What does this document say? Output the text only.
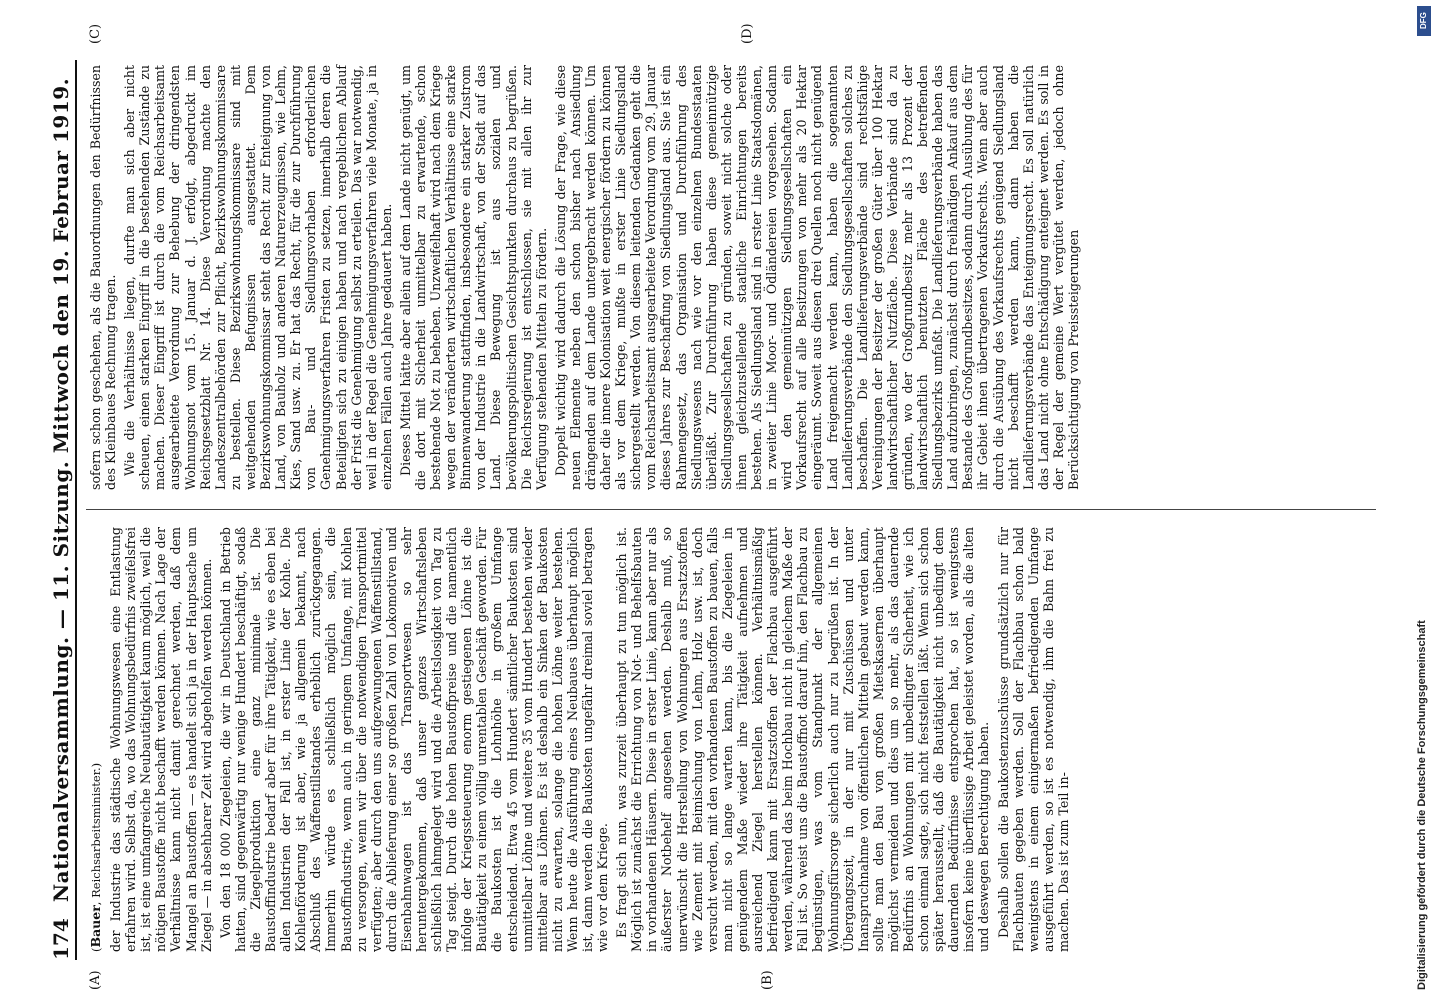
174
Nationalversammlung. — 11. Sitzung. Mittwoch den 19. Februar 1919.
(A)	(B)
(C)	(D)
(Bauer, Reichsarbeitsminister.) der Industrie das städtische Wohnungswesen eine Entlastung erfahren wird. Selbst da, wo das Wohnungsbedürfnis zweifelsfrei ist, ist eine umfangreiche Neubautätigkeit kaum möglich, weil die nötigen Baustoffe nicht beschafft werden können. Nach Lage der Verhältnisse kann nicht damit gerechnet werden, daß dem Mangel an Baustoffen — es handelt sich ja in der Hauptsache um Ziegel — in absehbarer Zeit wird abgeholfen werden können. Von den 18 000 Ziegeleien, die wir in Deutschland in Betrieb hatten, sind gegenwärtig nur wenige Hundert beschäftigt, sodaß die Ziegelproduktion eine ganz minimale ist. Die Baustoffindustrie bedarf aber für ihre Tätigkeit, wie es eben bei allen Industrien der Fall ist, in erster Linie der Kohle. Die Kohlenförderung ist aber, wie ja allgemein bekannt, nach Abschluß des Waffenstillstandes erheblich zurückgegangen. Immerhin würde es schließlich möglich sein, die Baustoffindustrie, wenn auch in geringem Umfange, mit Kohlen zu versorgen, wenn wir über die notwendigen Transportmittel verfügten; aber durch den uns aufgezwungenen Waffenstillstand, durch die Ablieferung einer so großen Zahl von Lokomotiven und Eisenbahnwagen ist das Transportwesen so sehr heruntergekommen, daß unser ganzes Wirtschaftsleben schließlich lahmgelegt wird und die Arbeitslosigkeit von Tag zu Tag steigt. Durch die hohen Baustoffpreise und die namentlich infolge der Kriegssteuerung enorm gestiegenen Löhne ist die Bautätigkeit zu einem völlig unrentablen Geschäft geworden. Für die Baukosten ist die Lohnhöhe in großem Umfange entscheidend. Etwa 45 vom Hundert sämtlicher Baukosten sind unmittelbar Löhne und weitere 35 vom Hundert bestehen wieder mittelbar aus Löhnen. Es ist deshalb ein Sinken der Baukosten nicht zu erwarten, solange die hohen Löhne weiter bestehen. Wenn heute die Ausführung eines Neubaues überhaupt möglich ist, dann werden die Baukosten ungefähr dreimal soviel betragen wie vor dem Kriege. Es fragt sich nun, was zurzeit überhaupt zu tun möglich ist. Möglich ist zunächst die Errichtung von Not- und Behelfsbauten in vorhandenen Häusern. Diese in erster Linie, kann aber nur als äußerster Notbehelf angesehen werden. Deshalb muß, so unerwünscht die Herstellung von Wohnungen aus Ersatzstoffen wie Zement mit Beimischung von Lehm, Holz usw. ist, doch versucht werden, mit den vorhandenen Baustoffen zu bauen, falls man nicht so lange warten kann, bis die Ziegeleien in genügendem Maße wieder ihre Tätigkeit aufnehmen und ausreichend Ziegel herstellen können. Verhältnismäßig befriedigend kann mit Ersatzstoffen der Flachbau ausgeführt werden, während das beim Hochbau nicht in gleichem Maße der Fall ist. So weist uns die Baustoffnot darauf hin, den Flachbau zu begünstigen, was vom Standpunkt der allgemeinen Wohnungsfürsorge sicherlich auch nur zu begrüßen ist. In der Übergangszeit, in der nur mit Zuschüssen und unter Inanspruchnahme von öffentlichen Mitteln gebaut werden kann, sollte man den Bau von großen Mietskasernen überhaupt möglichst vermeiden und dies um so mehr, als das dauernde Bedürfnis an Wohnungen mit unbedingter Sicherheit, wie ich schon einmal sagte, sich nicht feststellen läßt. Wenn sich schon später herausstellt, daß die Bautätigkeit nicht unbedingt dem dauernden Bedürfnisse entsprochen hat, so ist wenigstens insofern keine überflüssige Arbeit geleistet worden, als die alten und deswegen Berechtigung haben. Deshalb sollen die Baukostenzuschüsse grundsätzlich nur für Flachbauten gegeben werden. Soll der Flachbau schon bald wenigstens in einem einigermaßen befriedigenden Umfange ausgeführt werden, so ist es notwendig, ihm die Bahn frei zu machen. Das ist zum Teil in-

sofern schon geschehen, als die Bauordnungen den Bedürfnissen des Kleinbaues Rechnung tragen. Wie die Verhältnisse liegen, durfte man sich aber nicht scheuen, einen starken Eingriff in die bestehenden Zustände zu machen. Dieser Eingriff ist durch die vom Reichsarbeitsamt ausgearbeitete Verordnung zur Behebung der dringendsten Wohnungsnot vom 15. Januar d. J. erfolgt, abgedruckt im Reichsgesetzblatt Nr. 14. Diese Verordnung machte den Landeszentralbehörden zur Pflicht, Bezirkswohnungskommissare zu bestellen. Diese Bezirkswohnungskommissare sind mit weitgehenden Befugnissen ausgestattet. Dem Bezirkswohnungskommissar steht das Recht zur Enteignung von Land, von Bauholz und anderen Naturerzeugnissen, wie Lehm, Kies, Sand usw. zu. Er hat das Recht, für die zur Durchführung von Bau- und Siedlungsvorhaben erforderlichen Genehmigungsverfahren Fristen zu setzen, innerhalb deren die Beteiligten sich zu einigen haben und nach vergeblichem Ablauf der Frist die Genehmigung selbst zu erteilen. Das war notwendig, weil in der Regel die Genehmigungsverfahren viele Monate, ja in einzelnen Fällen auch Jahre gedauert haben. Dieses Mittel hätte aber allein auf dem Lande nicht genügt, um die dort mit Sicherheit unmittelbar zu erwartende, schon bestehende Not zu beheben. Unzweifelhaft wird nach dem Kriege wegen der veränderten wirtschaftlichen Verhältnisse eine starke Binnenwanderung stattfinden, insbesondere ein starker Zustrom von der Industrie in die Landwirtschaft, von der Stadt auf das Land. Diese Bewegung ist aus sozialen und bevölkerungspolitischen Gesichtspunkten durchaus zu begrüßen. Die Reichsregierung ist entschlossen, sie mit allen ihr zur Verfügung stehenden Mitteln zu fördern. Doppelt wichtig wird dadurch die Lösung der Frage, wie diese neuen Elemente neben den schon bisher nach Ansiedlung drängenden auf dem Lande untergebracht werden können. Um daher die innere Kolonisation weit energischer fördern zu können als vor dem Kriege, mußte in erster Linie Siedlungsland sichergestellt werden. Von diesem leitenden Gedanken geht die vom Reichsarbeitsamt ausgearbeitete Verordnung vom 29. Januar dieses Jahres zur Beschaffung von Siedlungsland aus. Sie ist ein Rahmengesetz, das Organisation und Durchführung des Siedlungswesens nach wie vor den einzelnen Bundesstaaten überläßt. Zur Durchführung haben diese gemeinnützige Siedlungsgesellschaften zu gründen, soweit nicht solche oder ihnen gleichzustellende staatliche Einrichtungen bereits bestehen. Als Siedlungsland sind in erster Linie Staatsdomänen, in zweiter Linie Moor- und Ödländereien vorgesehen. Sodann wird den gemeinnützigen Siedlungsgesellschaften ein Vorkaufsrecht auf alle Besitzungen von mehr als 20 Hektar eingeräumt. Soweit aus diesen drei Quellen noch nicht genügend Land freigemacht werden kann, haben die sogenannten Landlieferungsverbände den Siedlungsgesellschaften solches zu beschaffen. Die Landlieferungsverbände sind rechtsfähige Vereinigungen der Besitzer der großen Güter über 100 Hektar landwirtschaftlicher Nutzfläche. Diese Verbände sind da zu gründen, wo der Großgrundbesitz mehr als 13 Prozent der landwirtschaftlich benutzten Fläche des betreffenden Siedlungsbezirks umfaßt. Die Landlieferungsverbände haben das Land aufzubringen, zunächst durch freihändigen Ankauf aus dem Bestande des Großgrundbesitzes, sodann durch Ausübung des für ihr Gebiet ihnen übertragenen Vorkaufsrechts. Wenn aber auch durch die Ausübung des Vorkaufsrechts genügend Siedlungsland nicht beschafft werden kann, dann haben die Landlieferungsverbände das Enteignungsrecht. Es soll natürlich das Land nicht ohne Entschädigung enteignet werden. Es soll in der Regel der gemeine Wert vergütet werden, jedoch ohne Berücksichtigung von Preissteigerungen

DFG
Digitalisierung gefördert durch die Deutsche Forschungsgemeinschaft
